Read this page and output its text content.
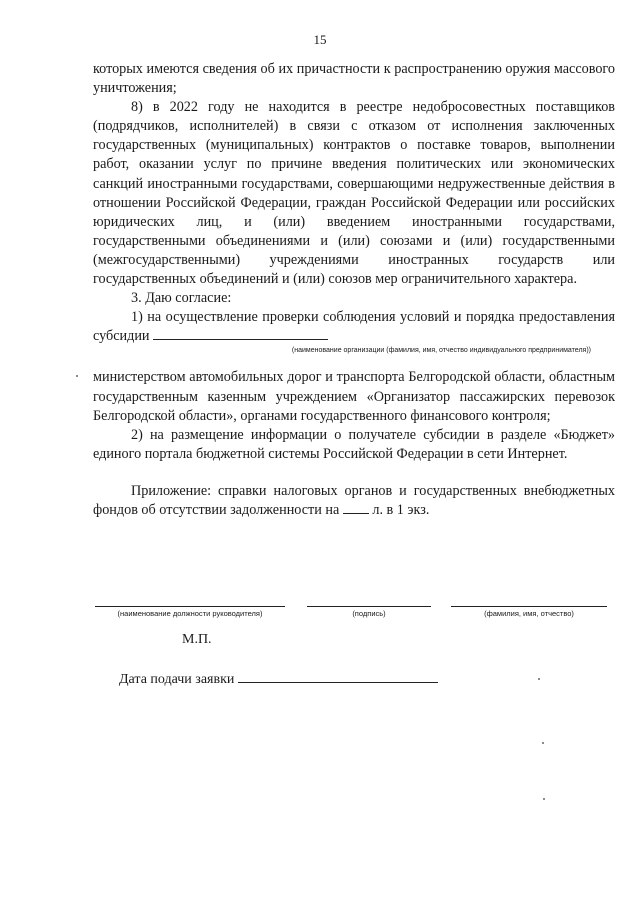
15

которых имеются сведения об их причастности к распространению оружия массового уничтожения;

8) в 2022 году не находится в реестре недобросовестных поставщиков (подрядчиков, исполнителей) в связи с отказом от исполнения заключенных государственных (муниципальных) контрактов о поставке товаров, выполнении работ, оказании услуг по причине введения политических или экономических санкций иностранными государствами, совершающими недружественные действия в отношении Российской Федерации, граждан Российской Федерации или российских юридических лиц, и (или) введением иностранными государствами, государственными объединениями и (или) союзами и (или) государственными (межгосударственными) учреждениями иностранных государств или государственных объединений и (или) союзов мер ограничительного характера.

3. Даю согласие:

1) на осуществление проверки соблюдения условий и порядка предоставления субсидии

(наименование организации (фамилия, имя, отчество индивидуального предпринимателя))

министерством автомобильных дорог и транспорта Белгородской области, областным государственным казенным учреждением «Организатор пассажирских перевозок Белгородской области», органами государственного финансового контроля;

2) на размещение информации о получателе субсидии в разделе «Бюджет» единого портала бюджетной системы Российской Федерации в сети Интернет.

Приложение: справки налоговых органов и государственных внебюджетных фондов об отсутствии задолженности на л. в 1 экз.

(наименование должности руководителя)	(подпись)	(фамилия, имя, отчество)
М.П.
Дата подачи заявки
